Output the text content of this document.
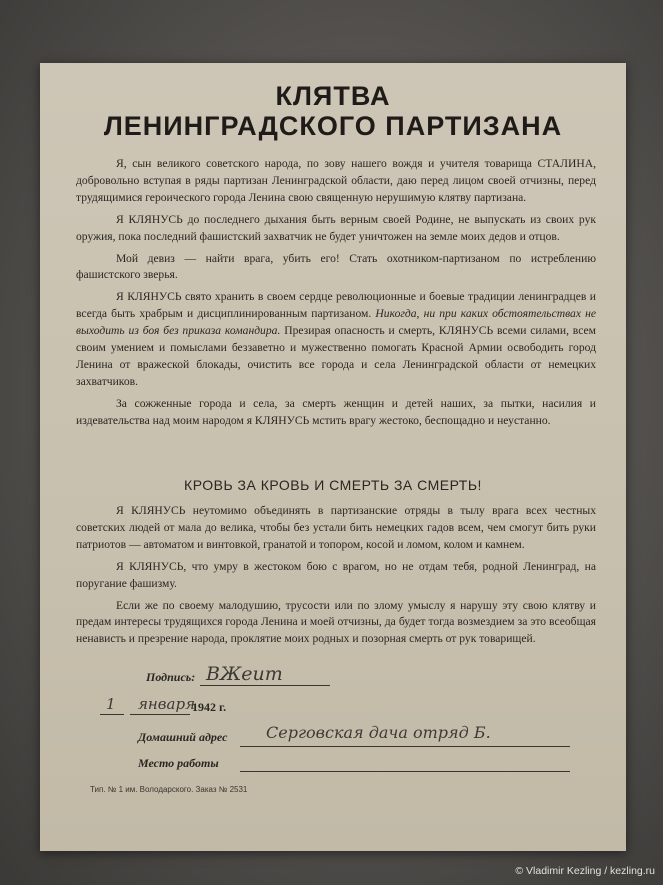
КЛЯТВА
ЛЕНИНГРАДСКОГО ПАРТИЗАНА

Я, сын великого советского народа, по зову нашего вождя и учителя товарища СТАЛИНА, добровольно вступая в ряды партизан Ленинградской области, даю перед лицом своей отчизны, перед трудящимися героического города Ленина свою священную нерушимую клятву партизана.

Я КЛЯНУСЬ до последнего дыхания быть верным своей Родине, не выпускать из своих рук оружия, пока последний фашистский захватчик не будет уничтожен на земле моих дедов и отцов.

Мой девиз — найти врага, убить его! Стать охотником-партизаном по истреблению фашистского зверья.

Я КЛЯНУСЬ свято хранить в своем сердце революционные и боевые традиции ленинградцев и всегда быть храбрым и дисциплинированным партизаном. Никогда, ни при каких обстоятельствах не выходить из боя без приказа командира. Презирая опасность и смерть, КЛЯНУСЬ всеми силами, всем своим умением и помыслами беззаветно и мужественно помогать Красной Армии освободить город Ленина от вражеской блокады, очистить все города и села Ленинградской области от немецких захватчиков.

За сожженные города и села, за смерть женщин и детей наших, за пытки, насилия и издевательства над моим народом я КЛЯНУСЬ мстить врагу жестоко, беспощадно и неустанно.

КРОВЬ ЗА КРОВЬ И СМЕРТЬ ЗА СМЕРТЬ!

Я КЛЯНУСЬ неутомимо объединять в партизанские отряды в тылу врага всех честных советских людей от мала до велика, чтобы без устали бить немецких гадов всем, чем смогут бить руки патриотов — автоматом и винтовкой, гранатой и топором, косой и ломом, колом и камнем.

Я КЛЯНУСЬ, что умру в жестоком бою с врагом, но не отдам тебя, родной Ленинград, на поругание фашизму.

Если же по своему малодушию, трусости или по злому умыслу я нарушу эту свою клятву и предам интересы трудящихся города Ленина и моей отчизны, да будет тогда возмездием за это всеобщая ненависть и презрение народа, проклятие моих родных и позорная смерть от рук товарищей.

Подпись: ВЖеит
1 января
1942 г.
Домашний адрес Серговская дача отряд Б.
Место работы
Тип. № 1 им. Володарского. Заказ № 2531
© Vladimir Kezling / kezling.ru
